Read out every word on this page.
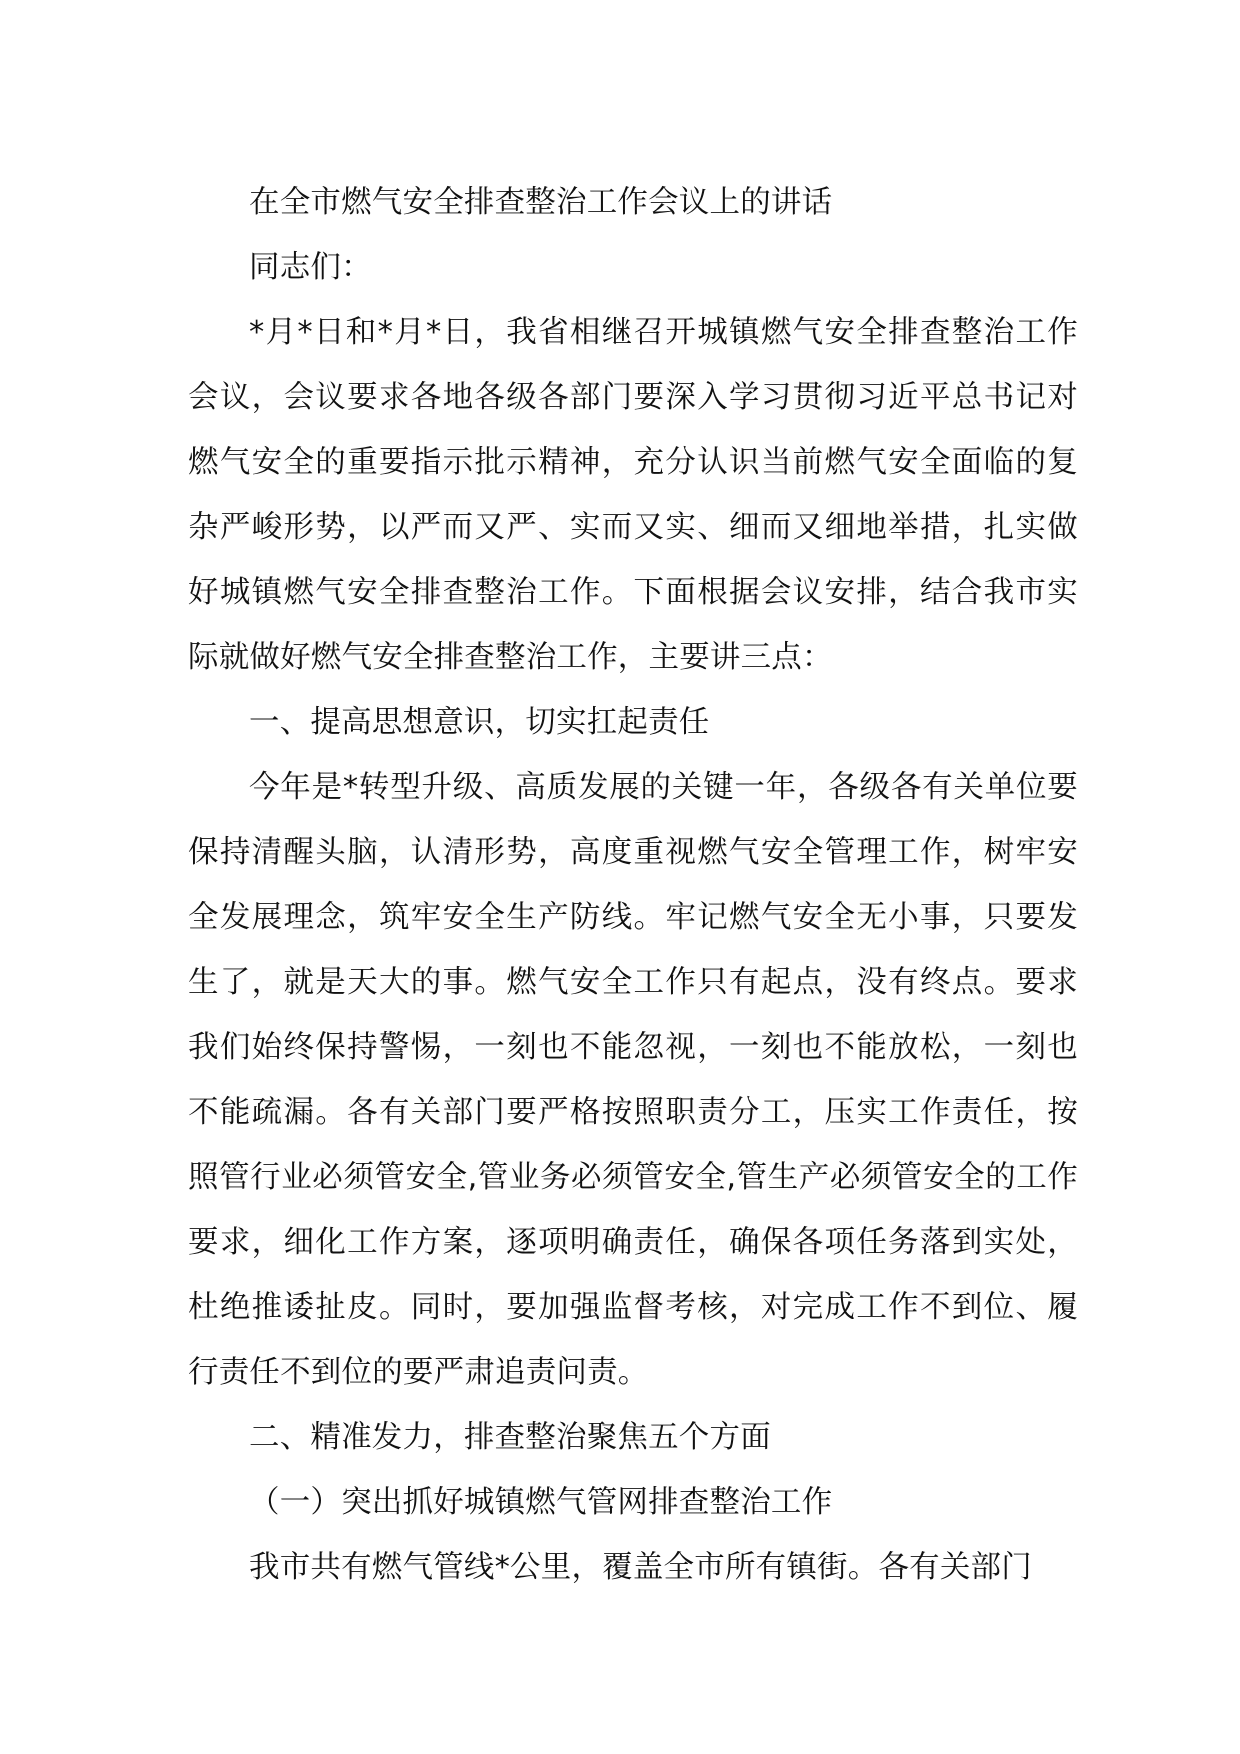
在全市燃气安全排查整治工作会议上的讲话

同志们：

*月*日和*月*日，我省相继召开城镇燃气安全排查整治工作会议，会议要求各地各级各部门要深入学习贯彻习近平总书记对燃气安全的重要指示批示精神，充分认识当前燃气安全面临的复杂严峻形势，以严而又严、实而又实、细而又细地举措，扎实做好城镇燃气安全排查整治工作。下面根据会议安排，结合我市实际就做好燃气安全排查整治工作，主要讲三点：

一、提高思想意识，切实扛起责任

今年是*转型升级、高质发展的关键一年，各级各有关单位要保持清醒头脑，认清形势，高度重视燃气安全管理工作，树牢安全发展理念，筑牢安全生产防线。牢记燃气安全无小事，只要发生了，就是天大的事。燃气安全工作只有起点，没有终点。要求我们始终保持警惕，一刻也不能忽视，一刻也不能放松，一刻也不能疏漏。各有关部门要严格按照职责分工，压实工作责任，按照管行业必须管安全,管业务必须管安全,管生产必须管安全的工作要求，细化工作方案，逐项明确责任，确保各项任务落到实处，杜绝推诿扯皮。同时，要加强监督考核，对完成工作不到位、履行责任不到位的要严肃追责问责。

二、精准发力，排查整治聚焦五个方面

（一）突出抓好城镇燃气管网排查整治工作

我市共有燃气管线*公里，覆盖全市所有镇街。各有关部门
